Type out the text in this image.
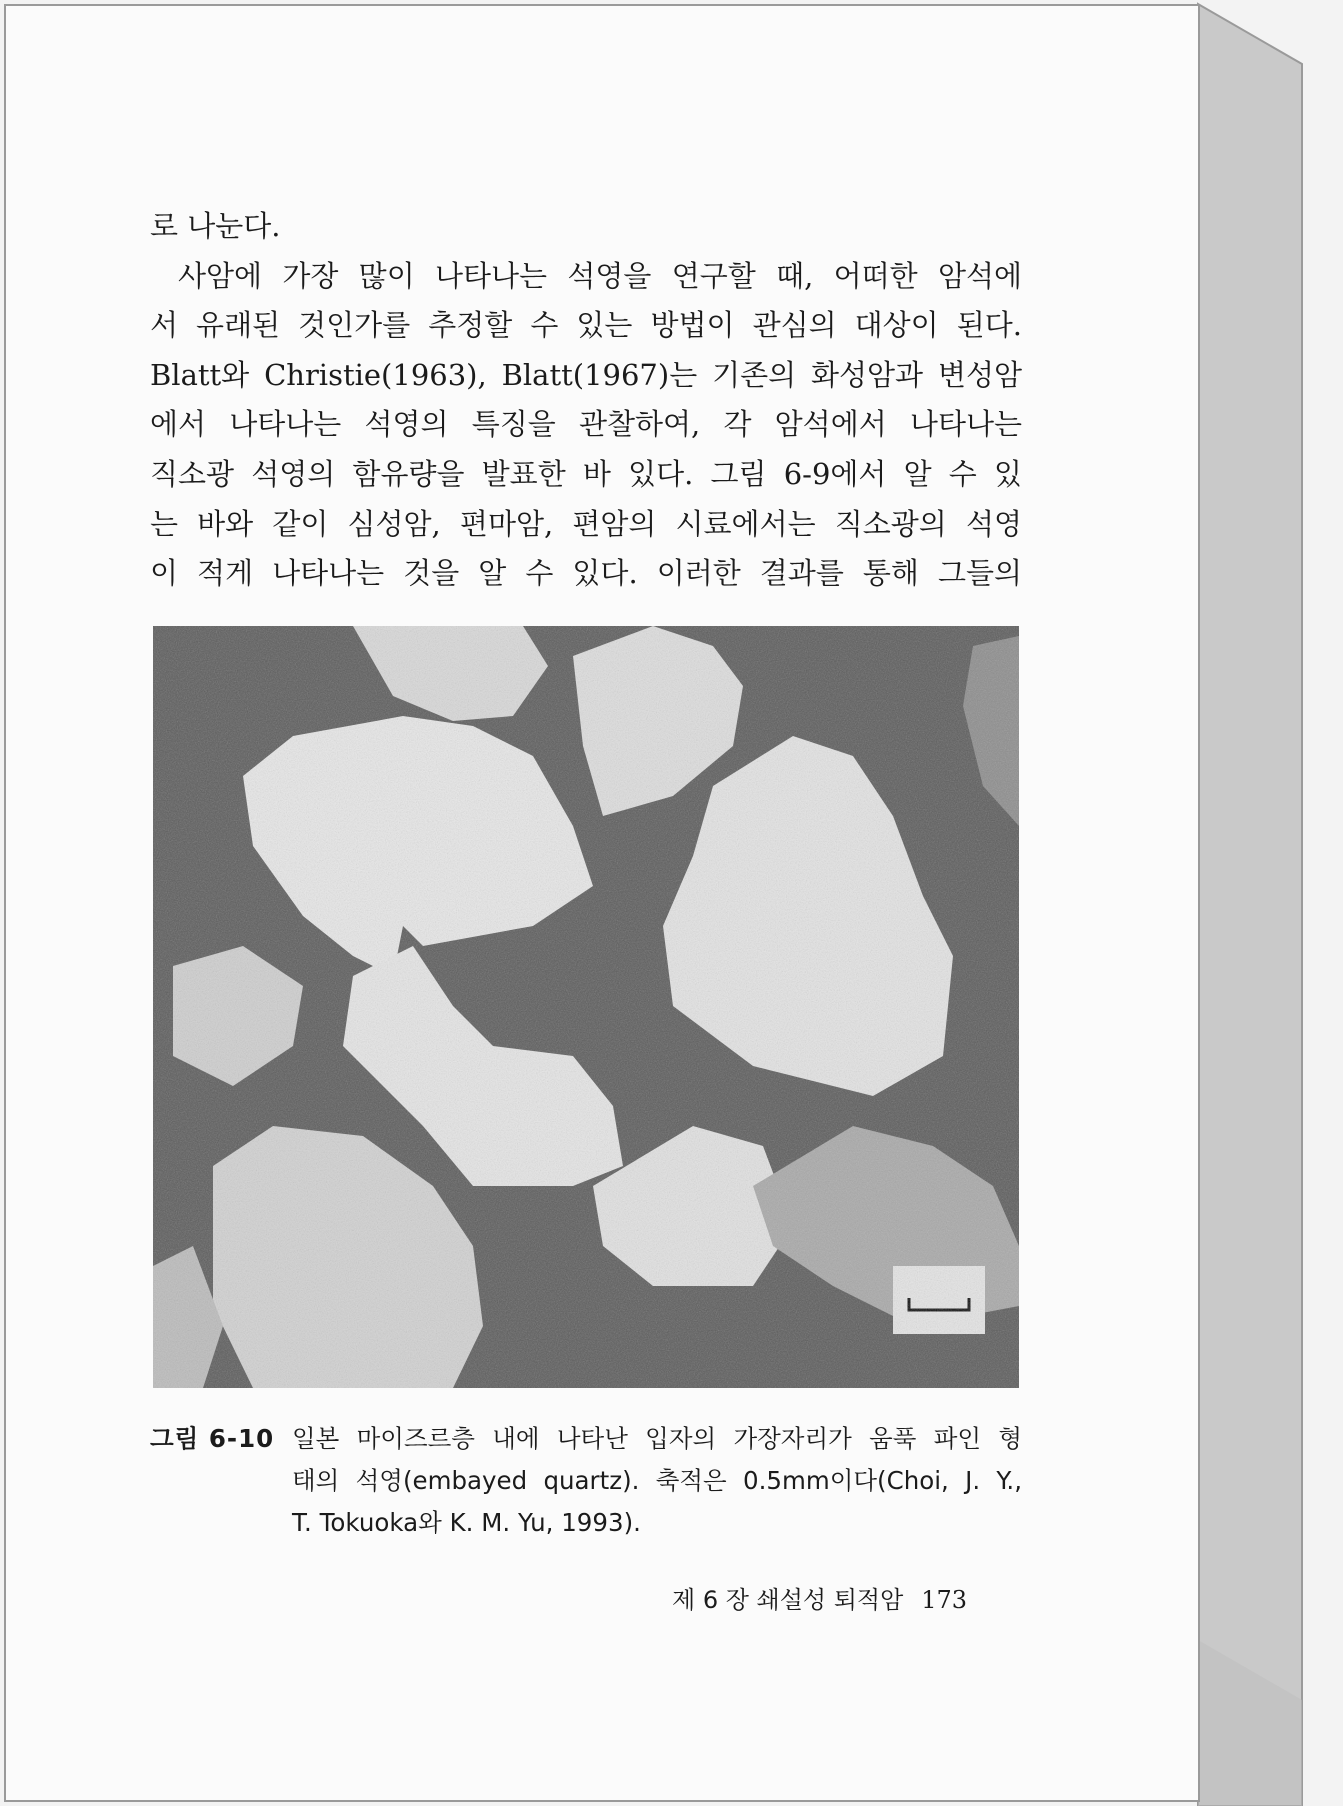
로 나눈다.

사암에 가장 많이 나타나는 석영을 연구할 때, 어떠한 암석에

서 유래된 것인가를 추정할 수 있는 방법이 관심의 대상이 된다.

Blatt와 Christie(1963), Blatt(1967)는 기존의 화성암과 변성암

에서 나타나는 석영의 특징을 관찰하여, 각 암석에서 나타나는

직소광 석영의 함유량을 발표한 바 있다. 그림 6-9에서 알 수 있

는 바와 같이 심성암, 편마암, 편암의 시료에서는 직소광의 석영

이 적게 나타나는 것을 알 수 있다. 이러한 결과를 통해 그들의

그림 6-10 일본 마이즈르층 내에 나타난 입자의 가장자리가 움푹 파인 형
태의 석영(embayed quartz). 축적은 0.5mm이다(Choi, J. Y.,
T. Tokuoka와 K. M. Yu, 1993).
제 6 장 쇄설성 퇴적암 173
